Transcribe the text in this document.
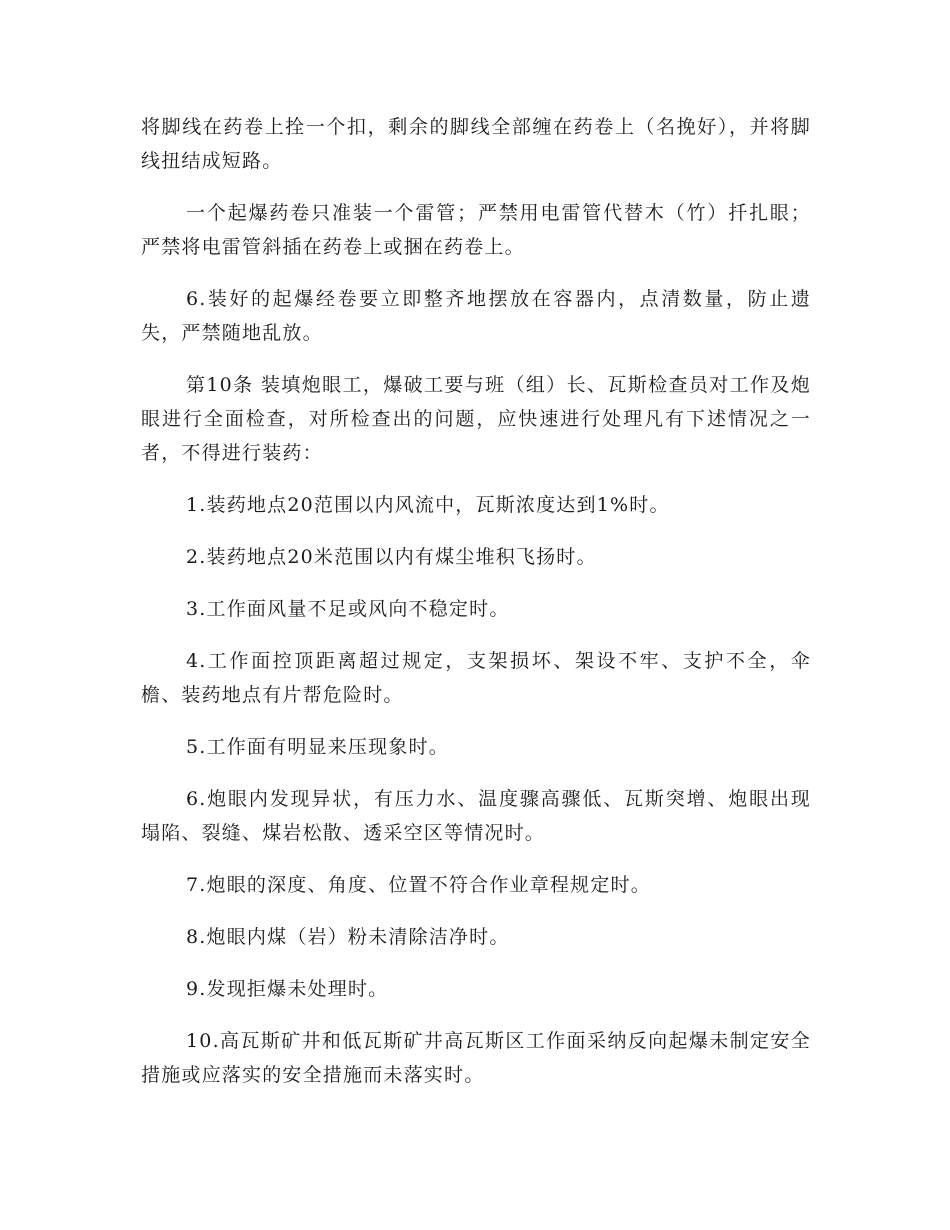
将脚线在药卷上拴一个扣，剩余的脚线全部缠在药卷上（名挽好），并将脚线扭结成短路。

一个起爆药卷只准装一个雷管；严禁用电雷管代替木（竹）扦扎眼；严禁将电雷管斜插在药卷上或捆在药卷上。

6.装好的起爆经卷要立即整齐地摆放在容器内，点清数量，防止遗失，严禁随地乱放。

第10条 装填炮眼工，爆破工要与班（组）长、瓦斯检查员对工作及炮眼进行全面检查，对所检查出的问题，应快速进行处理凡有下述情况之一者，不得进行装药：

1.装药地点20范围以内风流中，瓦斯浓度达到1%时。

2.装药地点20米范围以内有煤尘堆积飞扬时。

3.工作面风量不足或风向不稳定时。

4.工作面控顶距离超过规定，支架损坏、架设不牢、支护不全，伞檐、装药地点有片帮危险时。

5.工作面有明显来压现象时。

6.炮眼内发现异状，有压力水、温度骤高骤低、瓦斯突增、炮眼出现塌陷、裂缝、煤岩松散、透采空区等情况时。

7.炮眼的深度、角度、位置不符合作业章程规定时。

8.炮眼内煤（岩）粉未清除洁净时。

9.发现拒爆未处理时。

10.高瓦斯矿井和低瓦斯矿井高瓦斯区工作面采纳反向起爆未制定安全措施或应落实的安全措施而未落实时。
